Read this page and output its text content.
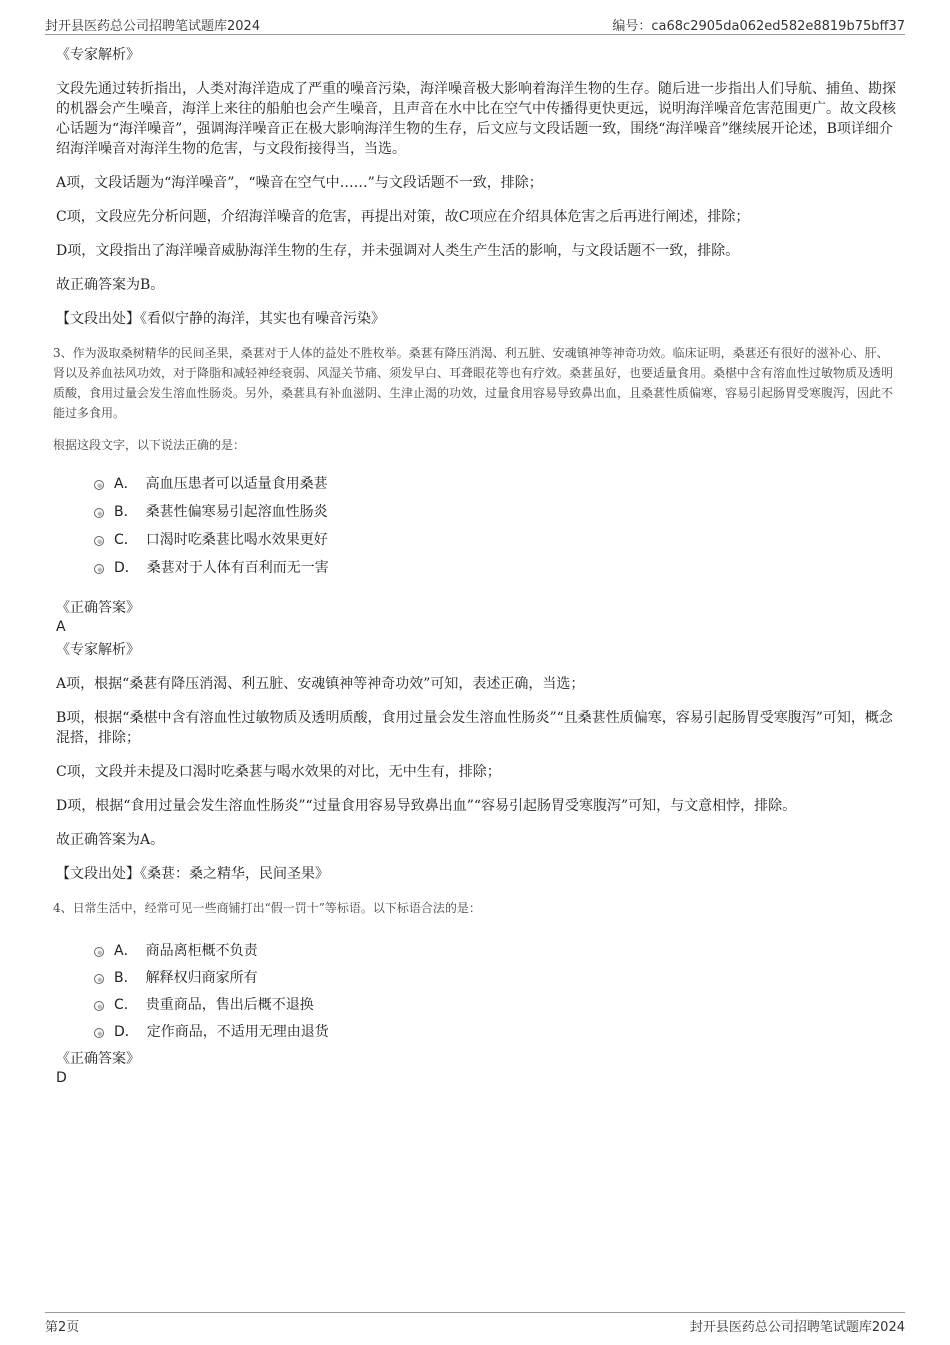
封开县医药总公司招聘笔试题库2024	编号：ca68c2905da062ed582e8819b75bff37
《专家解析》

文段先通过转折指出，人类对海洋造成了严重的噪音污染，海洋噪音极大影响着海洋生物的生存。随后进一步指出人们导航、捕鱼、勘探的机器会产生噪音，海洋上来往的船舶也会产生噪音，且声音在水中比在空气中传播得更快更远，说明海洋噪音危害范围更广。故文段核心话题为“海洋噪音”，强调海洋噪音正在极大影响海洋生物的生存，后文应与文段话题一致，围绕“海洋噪音”继续展开论述，B项详细介绍海洋噪音对海洋生物的危害，与文段衔接得当，当选。

A项，文段话题为“海洋噪音”，“噪音在空气中……”与文段话题不一致，排除；

C项，文段应先分析问题，介绍海洋噪音的危害，再提出对策，故C项应在介绍具体危害之后再进行阐述，排除；

D项，文段指出了海洋噪音威胁海洋生物的生存，并未强调对人类生产生活的影响，与文段话题不一致，排除。

故正确答案为B。

【文段出处】《看似宁静的海洋，其实也有噪音污染》

3、作为汲取桑树精华的民间圣果，桑葚对于人体的益处不胜枚举。桑葚有降压消渴、利五脏、安魂镇神等神奇功效。临床证明，桑葚还有很好的滋补心、肝、肾以及养血祛风功效，对于降脂和减轻神经衰弱、风湿关节痛、须发早白、耳聋眼花等也有疗效。桑葚虽好，也要适量食用。桑椹中含有溶血性过敏物质及透明质酸，食用过量会发生溶血性肠炎。另外，桑葚具有补血滋阴、生津止渴的功效，过量食用容易导致鼻出血，且桑葚性质偏寒，容易引起肠胃受寒腹泻，因此不能过多食用。
根据这段文字，以下说法正确的是：
A． 高血压患者可以适量食用桑葚
B． 桑葚性偏寒易引起溶血性肠炎
C． 口渴时吃桑葚比喝水效果更好
D． 桑葚对于人体有百利而无一害
《正确答案》
A
《专家解析》

A项，根据“桑葚有降压消渴、利五脏、安魂镇神等神奇功效”可知，表述正确，当选；

B项，根据“桑椹中含有溶血性过敏物质及透明质酸，食用过量会发生溶血性肠炎”“且桑葚性质偏寒，容易引起肠胃受寒腹泻”可知，概念混搭，排除；

C项，文段并未提及口渴时吃桑葚与喝水效果的对比，无中生有，排除；

D项，根据“食用过量会发生溶血性肠炎”“过量食用容易导致鼻出血”“容易引起肠胃受寒腹泻”可知，与文意相悖，排除。

故正确答案为A。

【文段出处】《桑葚：桑之精华，民间圣果》

4、日常生活中，经常可见一些商铺打出“假一罚十”等标语。以下标语合法的是：
A． 商品离柜概不负责
B． 解释权归商家所有
C． 贵重商品，售出后概不退换
D． 定作商品，不适用无理由退货
《正确答案》
D
第2页	封开县医药总公司招聘笔试题库2024
